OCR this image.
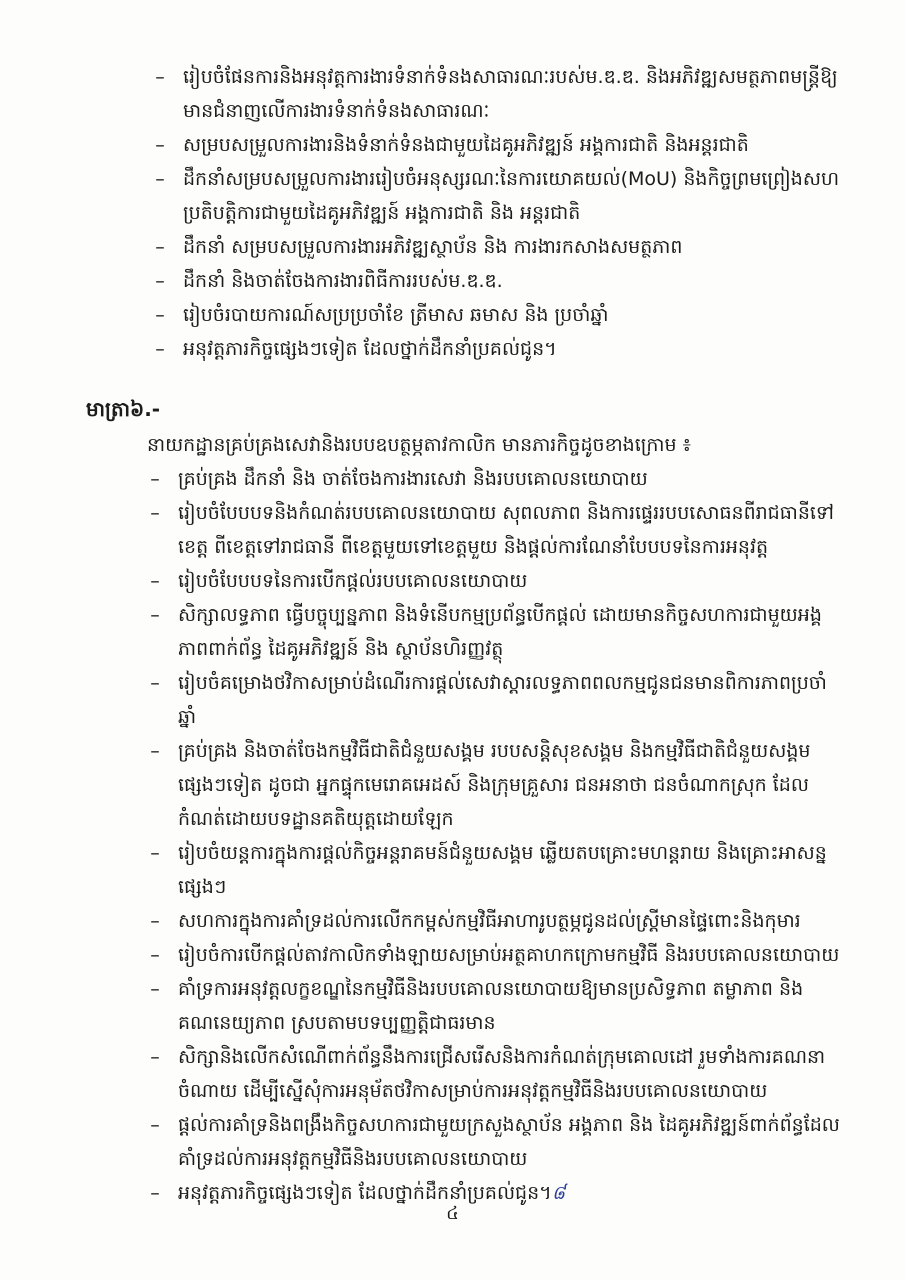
– រៀបចំផែនការនិងអនុវត្តការងារទំនាក់ទំនងសាធារណៈរបស់ម.ឌ.ឌ. និងអភិវឌ្ឍសមត្ថភាពមន្ត្រីឱ្យមានជំនាញលើការងារទំនាក់ទំនងសាធារណៈ
– សម្របសម្រួលការងារនិងទំនាក់ទំនងជាមួយដៃគូអភិវឌ្ឍន៍ អង្គការជាតិ និងអន្តរជាតិ
– ដឹកនាំសម្របសម្រួលការងាររៀបចំអនុស្សរណៈនៃការយោគយល់(MoU) និងកិច្ចព្រមព្រៀងសហប្រតិបត្តិការជាមួយដៃគូអភិវឌ្ឍន៍ អង្គការជាតិ និង អន្តរជាតិ
– ដឹកនាំ សម្របសម្រួលការងារអភិវឌ្ឍស្ថាប័ន និង ការងារកសាងសមត្ថភាព
– ដឹកនាំ និងចាត់ចែងការងារពិធីការរបស់ម.ឌ.ឌ.
– រៀបចំរបាយការណ៍សប្រប្រចាំខែ ត្រីមាស ឆមាស និង ប្រចាំឆ្នាំ
– អនុវត្តភារកិច្ចផ្សេងៗទៀត ដែលថ្នាក់ដឹកនាំប្រគល់ជូន។
មាត្រា៦.-
នាយកដ្ឋានគ្រប់គ្រងសេវានិងរបបឧបត្ថម្ភតាវកាលិក មានភារកិច្ចដូចខាងក្រោម ៖
– គ្រប់គ្រង ដឹកនាំ និង ចាត់ចែងការងារសេវា និងរបបគោលនយោបាយ
– រៀបចំបែបបទនិងកំណត់របបគោលនយោបាយ សុពលភាព និងការផ្ទេររបបសោធនពីរាជធានីទៅខេត្ត ពីខេត្តទៅរាជធានី ពីខេត្តមួយទៅខេត្តមួយ និងផ្ដល់ការណែនាំបែបបទនៃការអនុវត្ត
– រៀបចំបែបបទនៃការបើកផ្ដល់របបគោលនយោបាយ
– សិក្សាលទ្ធភាព ធ្វើបច្ចុប្បន្នភាព និងទំនើបកម្មប្រព័ន្ធបើកផ្ដល់ ដោយមានកិច្ចសហការជាមួយអង្គភាពពាក់ព័ន្ធ ដៃគូអភិវឌ្ឍន៍ និង ស្ថាប័នហិរញ្ញវត្ថុ
– រៀបចំគម្រោងថវិកាសម្រាប់ដំណើរការផ្ដល់សេវាស្ដារលទ្ធភាពពលកម្មជូនជនមានពិការភាពប្រចាំឆ្នាំ
– គ្រប់គ្រង និងចាត់ចែងកម្មវិធីជាតិជំនួយសង្គម របបសន្តិសុខសង្គម និងកម្មវិធីជាតិជំនួយសង្គមផ្សេងៗទៀត ដូចជា អ្នកផ្ទុកមេរោគអេដស៍ និងក្រុមគ្រួសារ ជនអនាថា ជនចំណាកស្រុក ដែលកំណត់ដោយបទដ្ឋានគតិយុត្តដោយឡែក
– រៀបចំយន្តការក្នុងការផ្ដល់កិច្ចអន្តរាគមន៍ជំនួយសង្គម ឆ្លើយតបគ្រោះមហន្តរាយ និងគ្រោះអាសន្នផ្សេងៗ
– សហការក្នុងការគាំទ្រដល់ការលើកកម្ពស់កម្មវិធីអាហារូបត្ថម្ភជូនដល់ស្ត្រីមានផ្ទៃពោះនិងកុមារ
– រៀបចំការបើកផ្ដល់តាវកាលិកទាំងឡាយសម្រាប់អត្ថគាហកក្រោមកម្មវិធី និងរបបគោលនយោបាយ
– គាំទ្រការអនុវត្តលក្ខខណ្ឌនៃកម្មវិធីនិងរបបគោលនយោបាយឱ្យមានប្រសិទ្ធភាព តម្លាភាព និងគណនេយ្យភាព ស្របតាមបទប្បញ្ញត្តិជាធរមាន
– សិក្សានិងលើកសំណើពាក់ព័ន្ធនឹងការជ្រើសរើសនិងការកំណត់ក្រុមគោលដៅ រួមទាំងការគណនាចំណាយ ដើម្បីស្នើសុំការអនុម័តថវិកាសម្រាប់ការអនុវត្តកម្មវិធីនិងរបបគោលនយោបាយ
– ផ្ដល់ការគាំទ្រនិងពង្រឹងកិច្ចសហការជាមួយក្រសួងស្ថាប័ន អង្គភាព និង ដៃគូអភិវឌ្ឍន៍ពាក់ព័ន្ធដែលគាំទ្រដល់ការអនុវត្តកម្មវិធីនិងរបបគោលនយោបាយ
– អនុវត្តភារកិច្ចផ្សេងៗទៀត ដែលថ្នាក់ដឹកនាំប្រគល់ជូន។៨
៤
